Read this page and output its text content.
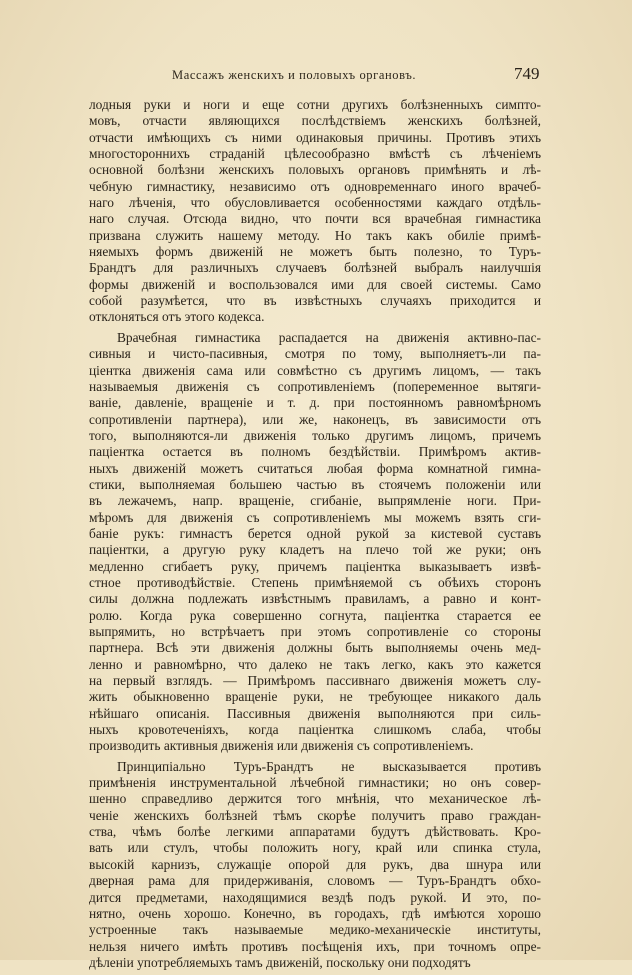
Массажъ женскихъ и половыхъ органовъ.	749
лодныя руки и ноги и еще сотни другихъ болѣзненныхъ симпто-
мовъ, отчасти являющихся послѣдствіемъ женскихъ болѣзней,
отчасти имѣющихъ съ ними одинаковыя причины. Противъ этихъ
многостороннихъ страданій цѣлесообразно вмѣстѣ съ лѣченіемъ
основной болѣзни женскихъ половыхъ органовъ примѣнять и лѣ-
чебную гимнастику, независимо отъ одновременнаго иного врачеб-
наго лѣченія, что обусловливается особенностями каждаго отдѣль-
наго случая. Отсюда видно, что почти вся врачебная гимнастика
призвана служить нашему методу. Но такъ какъ обиліе примѣ-
няемыхъ формъ движеній не можетъ быть полезно, то Туръ-
Брандтъ для различныхъ случаевъ болѣзней выбралъ наилучшія
формы движеній и воспользовался ими для своей системы. Само
собой разумѣется, что въ извѣстныхъ случаяхъ приходится и
отклоняться отъ этого кодекса.
Врачебная гимнастика распадается на движенія активно-пас-
сивныя и чисто-пасивныя, смотря по тому, выполняетъ-ли па-
ціентка движенія сама или совмѣстно съ другимъ лицомъ, — такъ
называемыя движенія съ сопротивленіемъ (попеременное вытяги-
ваніе, давленіе, вращеніе и т. д. при постоянномъ равномѣрномъ
сопротивленіи партнера), или же, наконецъ, въ зависимости отъ
того, выполняются-ли движенія только другимъ лицомъ, причемъ
паціентка остается въ полномъ бездѣйствіи. Примѣромъ актив-
ныхъ движеній можетъ считаться любая форма комнатной гимна-
стики, выполняемая большею частью въ стоячемъ положеніи или
въ лежачемъ, напр. вращеніе, сгибаніе, выпрямленіе ноги. При-
мѣромъ для движенія съ сопротивленіемъ мы можемъ взять сги-
баніе рукъ: гимнастъ берется одной рукой за кистевой суставъ
паціентки, а другую руку кладетъ на плечо той же руки; онъ
медленно сгибаетъ руку, причемъ паціентка выказываетъ извѣ-
стное противодѣйствіе. Степень примѣняемой съ обѣихъ сторонъ
силы должна подлежать извѣстнымъ правиламъ, а равно и конт-
ролю. Когда рука совершенно согнута, паціентка старается ее
выпрямить, но встрѣчаетъ при этомъ сопротивленіе со стороны
партнера. Всѣ эти движенія должны быть выполняемы очень мед-
ленно и равномѣрно, что далеко не такъ легко, какъ это кажется
на первый взглядъ. — Примѣромъ пассивнаго движенія можетъ слу-
жить обыкновенно вращеніе руки, не требующее никакого даль
нѣйшаго описанія. Пассивныя движенія выполняются при силь-
ныхъ кровотеченіяхъ, когда паціентка слишкомъ слаба, чтобы
производить активныя движенія или движенія съ сопротивленіемъ.
Принципіально Туръ-Брандтъ не высказывается противъ
примѣненія инструментальной лѣчебной гимнастики; но онъ совер-
шенно справедливо держится того мнѣнія, что механическое лѣ-
ченіе женскихъ болѣзней тѣмъ скорѣе получитъ право граждан-
ства, чѣмъ болѣе легкими аппаратами будутъ дѣйствовать. Кро-
вать или стулъ, чтобы положить ногу, край или спинка стула,
высокій карнизъ, служащіе опорой для рукъ, два шнура или
дверная рама для придерживанія, словомъ — Туръ-Брандтъ обхо-
дится предметами, находящимися вездѣ подъ рукой. И это, по-
нятно, очень хорошо. Конечно, въ городахъ, гдѣ имѣются хорошо
устроенные такъ называемые медико-механическіе институты,
нельзя ничего имѣть противъ посѣщенія ихъ, при точномъ опре-
дѣленіи употребляемыхъ тамъ движеній, поскольку они подходятъ
